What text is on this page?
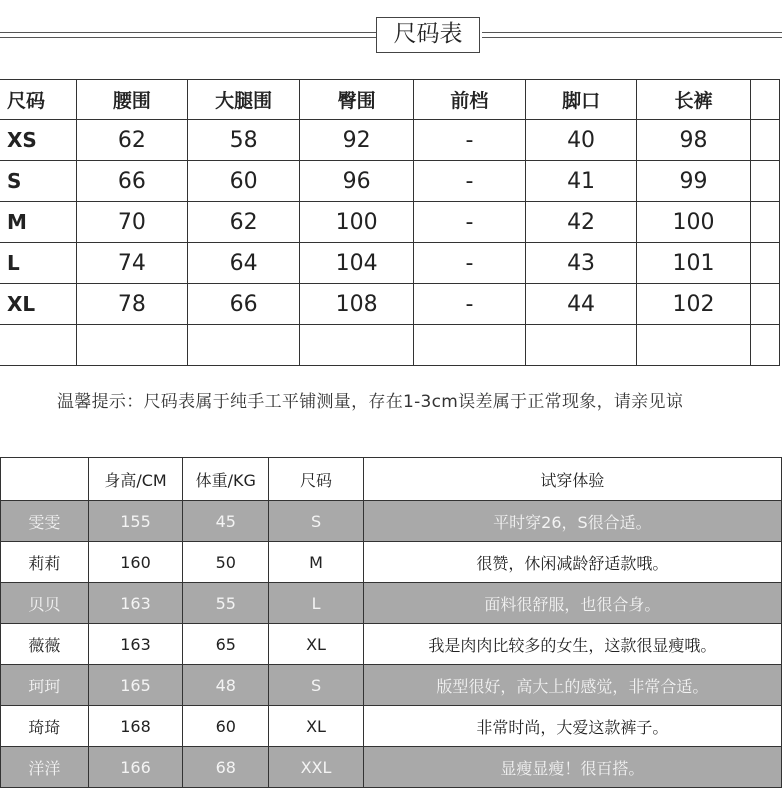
尺码表
尺码	腰围	大腿围	臀围	前档	脚口	长裤	
XS	62	58	92	-	40	98	
S	66	60	96	-	41	99	
M	70	62	100	-	42	100	
L	74	64	104	-	43	101	
XL	78	66	108	-	44	102	

温馨提示：尺码表属于纯手工平铺测量，存在1-3cm误差属于正常现象，请亲见谅
	身高/CM	体重/KG	尺码	试穿体验
雯雯	155	45	S	平时穿26，S很合适。
莉莉	160	50	M	很赞，休闲减龄舒适款哦。
贝贝	163	55	L	面料很舒服，也很合身。
薇薇	163	65	XL	我是肉肉比较多的女生，这款很显瘦哦。
珂珂	165	48	S	版型很好，高大上的感觉，非常合适。
琦琦	168	60	XL	非常时尚，大爱这款裤子。
洋洋	166	68	XXL	显瘦显瘦！很百搭。
